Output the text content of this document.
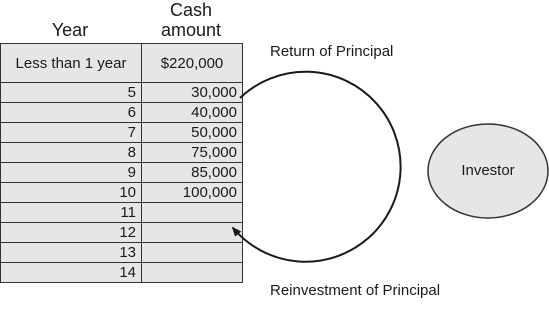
Year
Cash
amount
Less than 1 year	$220,000
5	30,000
6	40,000
7	50,000
8	75,000
9	85,000
10	100,000
11	
12	
13	
14	
Return of Principal
Reinvestment of Principal
Investor
